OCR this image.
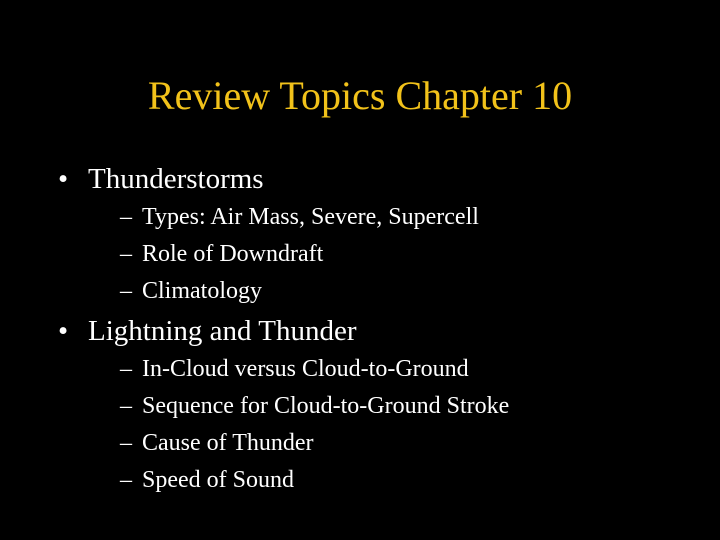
Review Topics Chapter 10
• Thunderstorms
– Types: Air Mass, Severe, Supercell
– Role of Downdraft
– Climatology
• Lightning and Thunder
– In-Cloud versus Cloud-to-Ground
– Sequence for Cloud-to-Ground Stroke
– Cause of Thunder
– Speed of Sound
